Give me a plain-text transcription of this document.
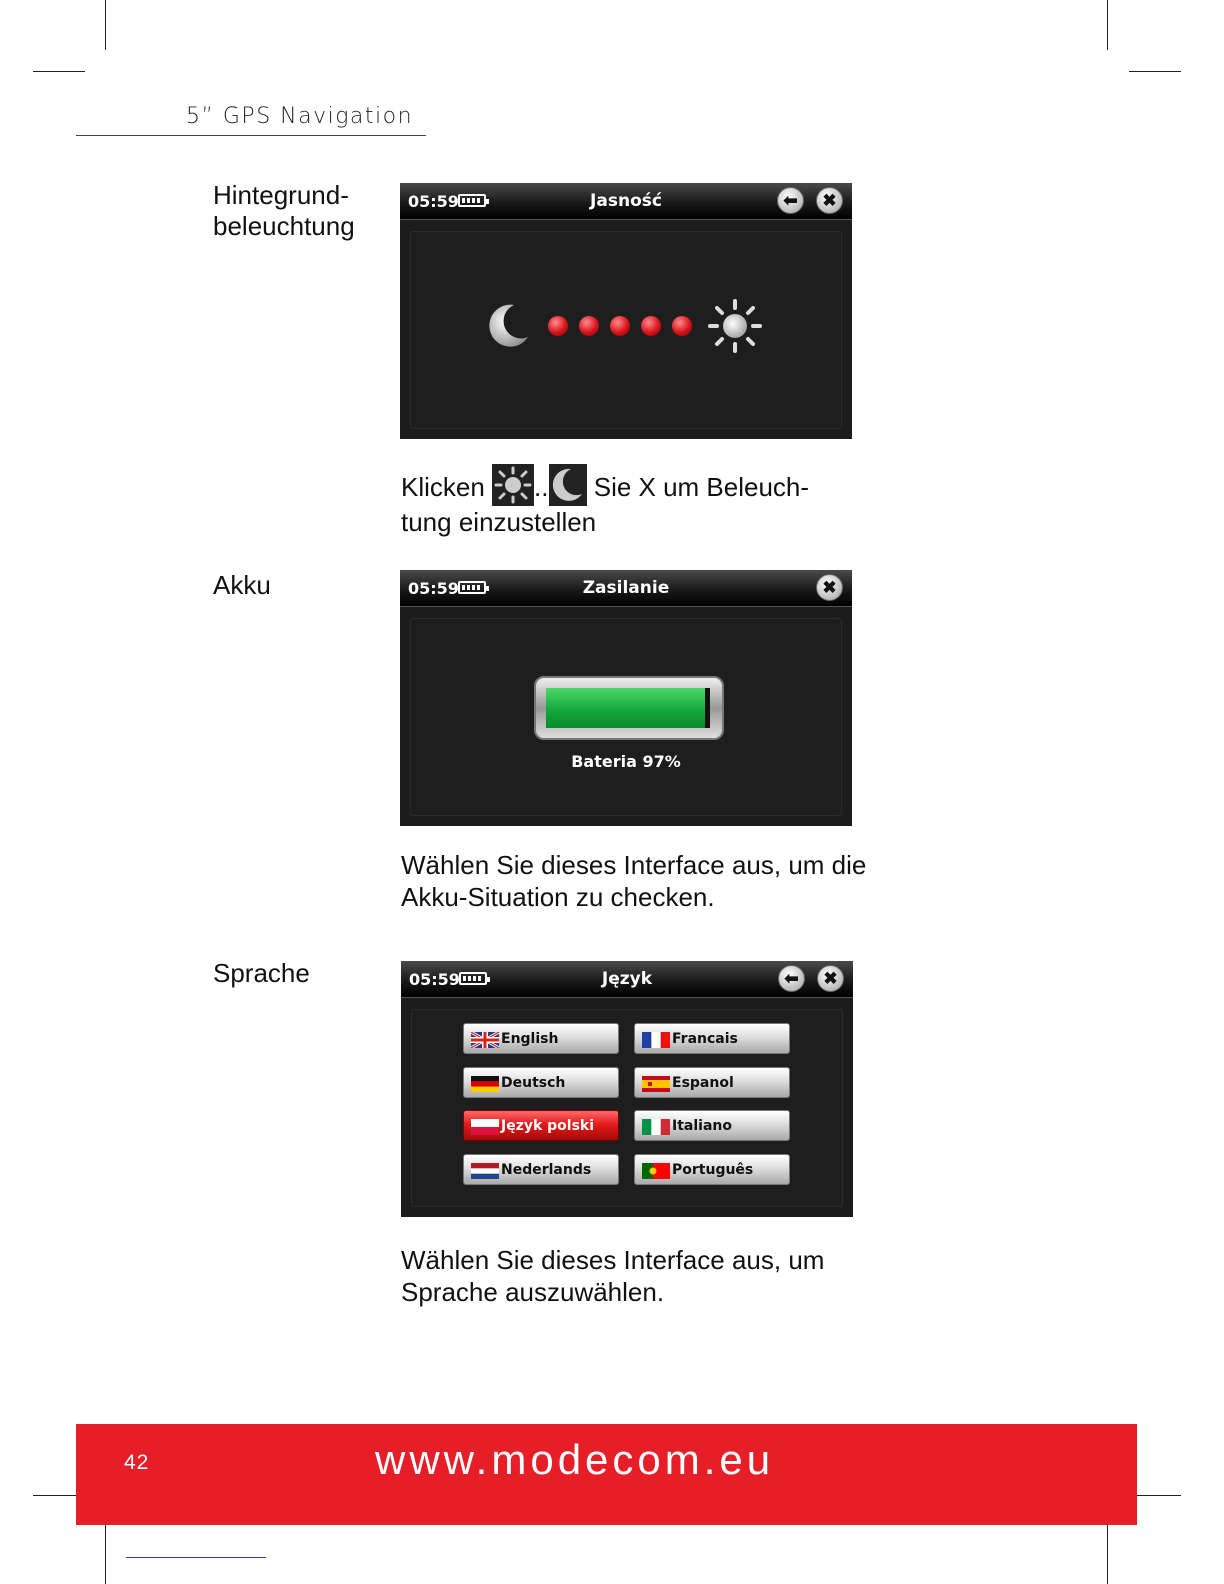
5” GPS Navigation
Hintegrund-
beleuchtung
05:59	Jasność	⬅	✖
Klicken .. Sie X um Beleuch-
tung einzustellen
Akku	05:59	Zasilanie	✖
Bateria 97%
Wählen Sie dieses Interface aus, um die Akku-Situation zu checken.
Sprache	05:59	Język	⬅	✖
English	Francais
Deutsch	Espanol
Język polski	Italiano
Nederlands	Português
Wählen Sie dieses Interface aus, um Sprache auszuwählen.
42	www.modecom.eu
